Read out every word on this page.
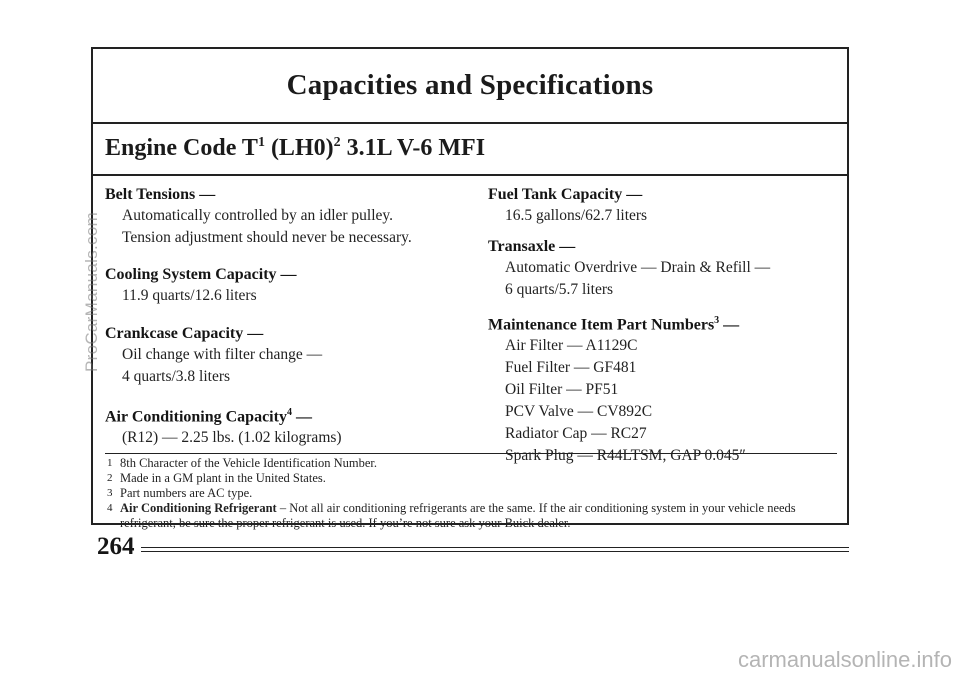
Capacities and Specifications
Engine Code $T^1$ $(LH0)^2$ 3.1L V-6 MFI

Belt Tensions —

Automatically controlled by an idler pulley.

Tension adjustment should never be necessary.

Cooling System Capacity —

11.9 quarts/12.6 liters

Crankcase Capacity —

Oil change with filter change —

4 quarts/3.8 liters

Air Conditioning Capacity$^4$ —

(R12) — 2.25 lbs. (1.02 kilograms)

Fuel Tank Capacity —

16.5 gallons/62.7 liters

Transaxle —

Automatic Overdrive — Drain & Refill —

6 quarts/5.7 liters

Maintenance Item Part Numbers$^3$ —

Air Filter — A1129C

Fuel Filter — GF481

Oil Filter — PF51

PCV Valve — CV892C

Radiator Cap — RC27

Spark Plug — R44LTSM, GAP 0.045″

1 8th Character of the Vehicle Identification Number.

2 Made in a GM plant in the United States.

3 Part numbers are AC type.

4 Air Conditioning Refrigerant – Not all air conditioning refrigerants are the same. If the air conditioning system in your vehicle needs refrigerant, be sure the proper refrigerant is used. If you’re not sure ask your Buick dealer.

264
ProCarManuals.com
carmanualsonline.info
